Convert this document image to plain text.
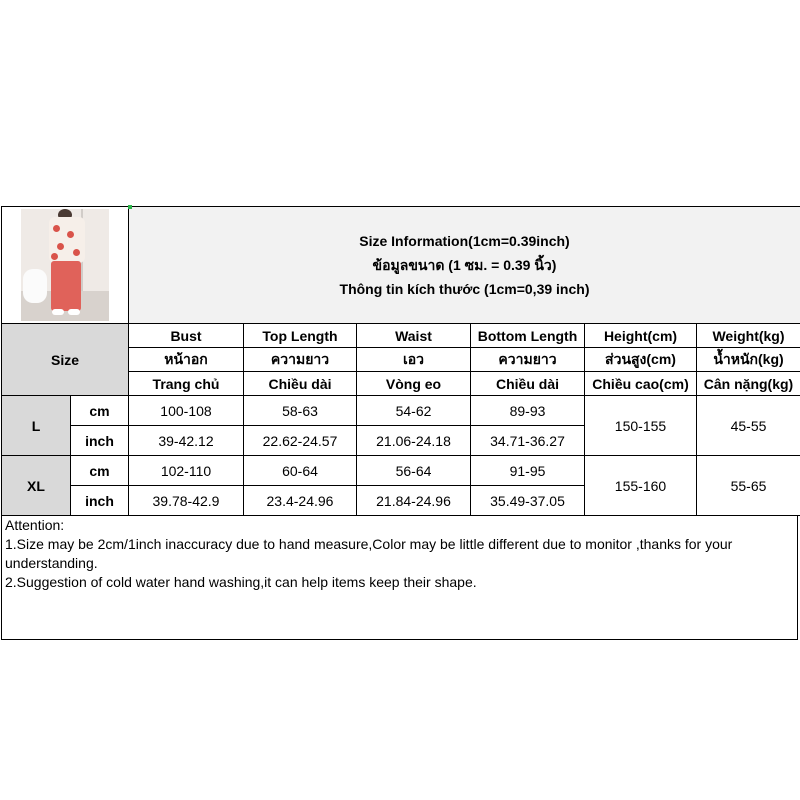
		Size Information(1cm=0.39inch)
ข้อมูลขนาด (1 ซม. = 0.39 นิ้ว)
Thông tin kích thước (1cm=0,39 inch)					

Size		Bust	Top Length	Waist	Bottom Length	Height(cm)	Weight(kg)
		หน้าอก	ความยาว	เอว	ความยาว	ส่วนสูง(cm)	น้ำหนัก(kg)
		Trang chủ	Chiều dài	Vòng eo	Chiều dài	Chiều cao(cm)	Cân nặng(kg)
L	cm	100-108	58-63	54-62	89-93	150-155	45-55
	inch	39-42.12	22.62-24.57	21.06-24.18	34.71-36.27		
XL	cm	102-110	60-64	56-64	91-95	155-160	55-65
	inch	39.78-42.9	23.4-24.96	21.84-24.96	35.49-37.05		

Attention:

1.Size may be 2cm/1inch inaccuracy due to hand measure,Color may be little different due to monitor ,thanks for your understanding.

2.Suggestion of cold water hand washing,it can help items keep their shape.
